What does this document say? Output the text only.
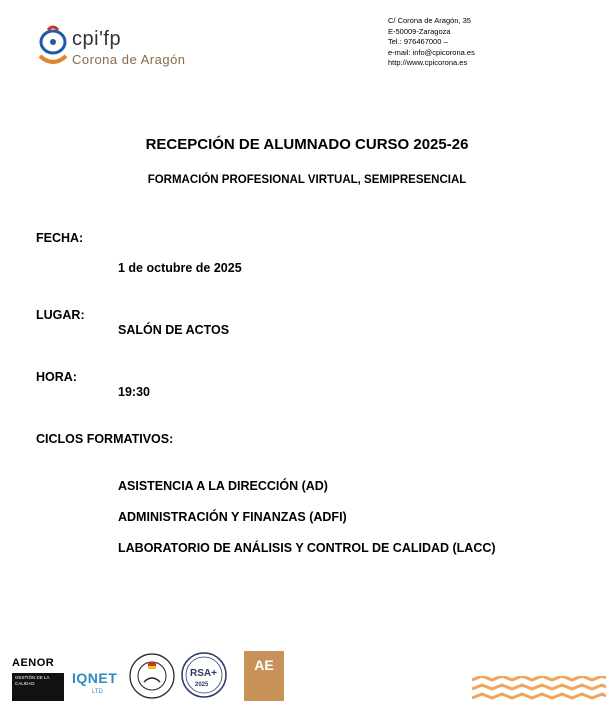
cpi'fp
Corona de Aragón
C/ Corona de Aragón, 35
E-50009-Zaragoza
Tel.: 976467000 –
e-mail: info@cpicorona.es
http://www.cpicorona.es
RECEPCIÓN DE ALUMNADO CURSO 2025-26
FORMACIÓN PROFESIONAL VIRTUAL, SEMIPRESENCIAL
FECHA:
1 de octubre de 2025
LUGAR:
SALÓN DE ACTOS
HORA:
19:30
CICLOS FORMATIVOS:
ASISTENCIA A LA DIRECCIÓN (AD)
ADMINISTRACIÓN Y FINANZAS (ADFI)
LABORATORIO DE ANÁLISIS Y CONTROL DE CALIDAD (LACC)
AENOR
GESTIÓN DE LA CALIDAD	IQNET
LTD
RSA+
2025
AE
